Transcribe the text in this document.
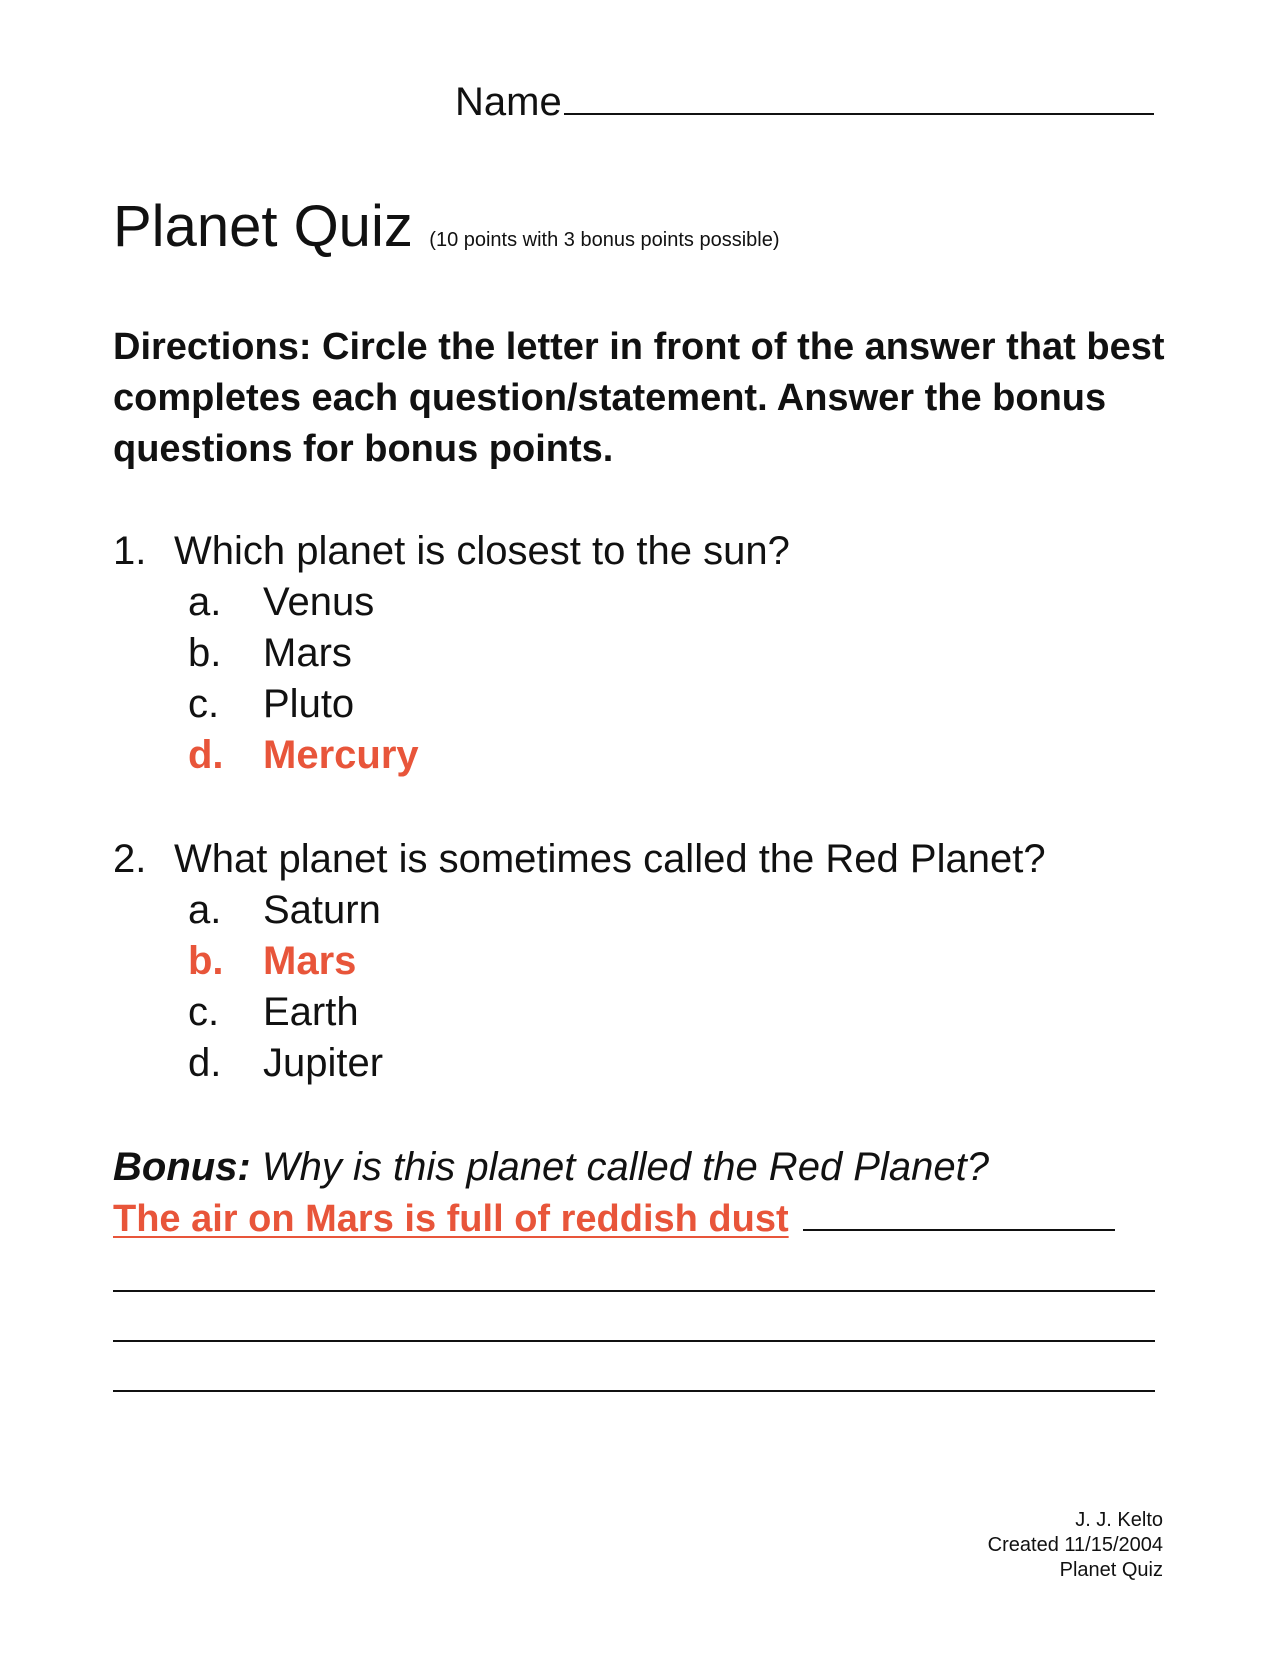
Name
Planet Quiz (10 points with 3 bonus points possible)
Directions: Circle the letter in front of the answer that best completes each question/statement. Answer the bonus questions for bonus points.
1. Which planet is closest to the sun?
a. Venus
b. Mars
c. Pluto
d. Mercury
2. What planet is sometimes called the Red Planet?
a. Saturn
b. Mars
c. Earth
d. Jupiter
Bonus: Why is this planet called the Red Planet?
The air on Mars is full of reddish dust
J. J. Kelto
Created 11/15/2004
Planet Quiz
